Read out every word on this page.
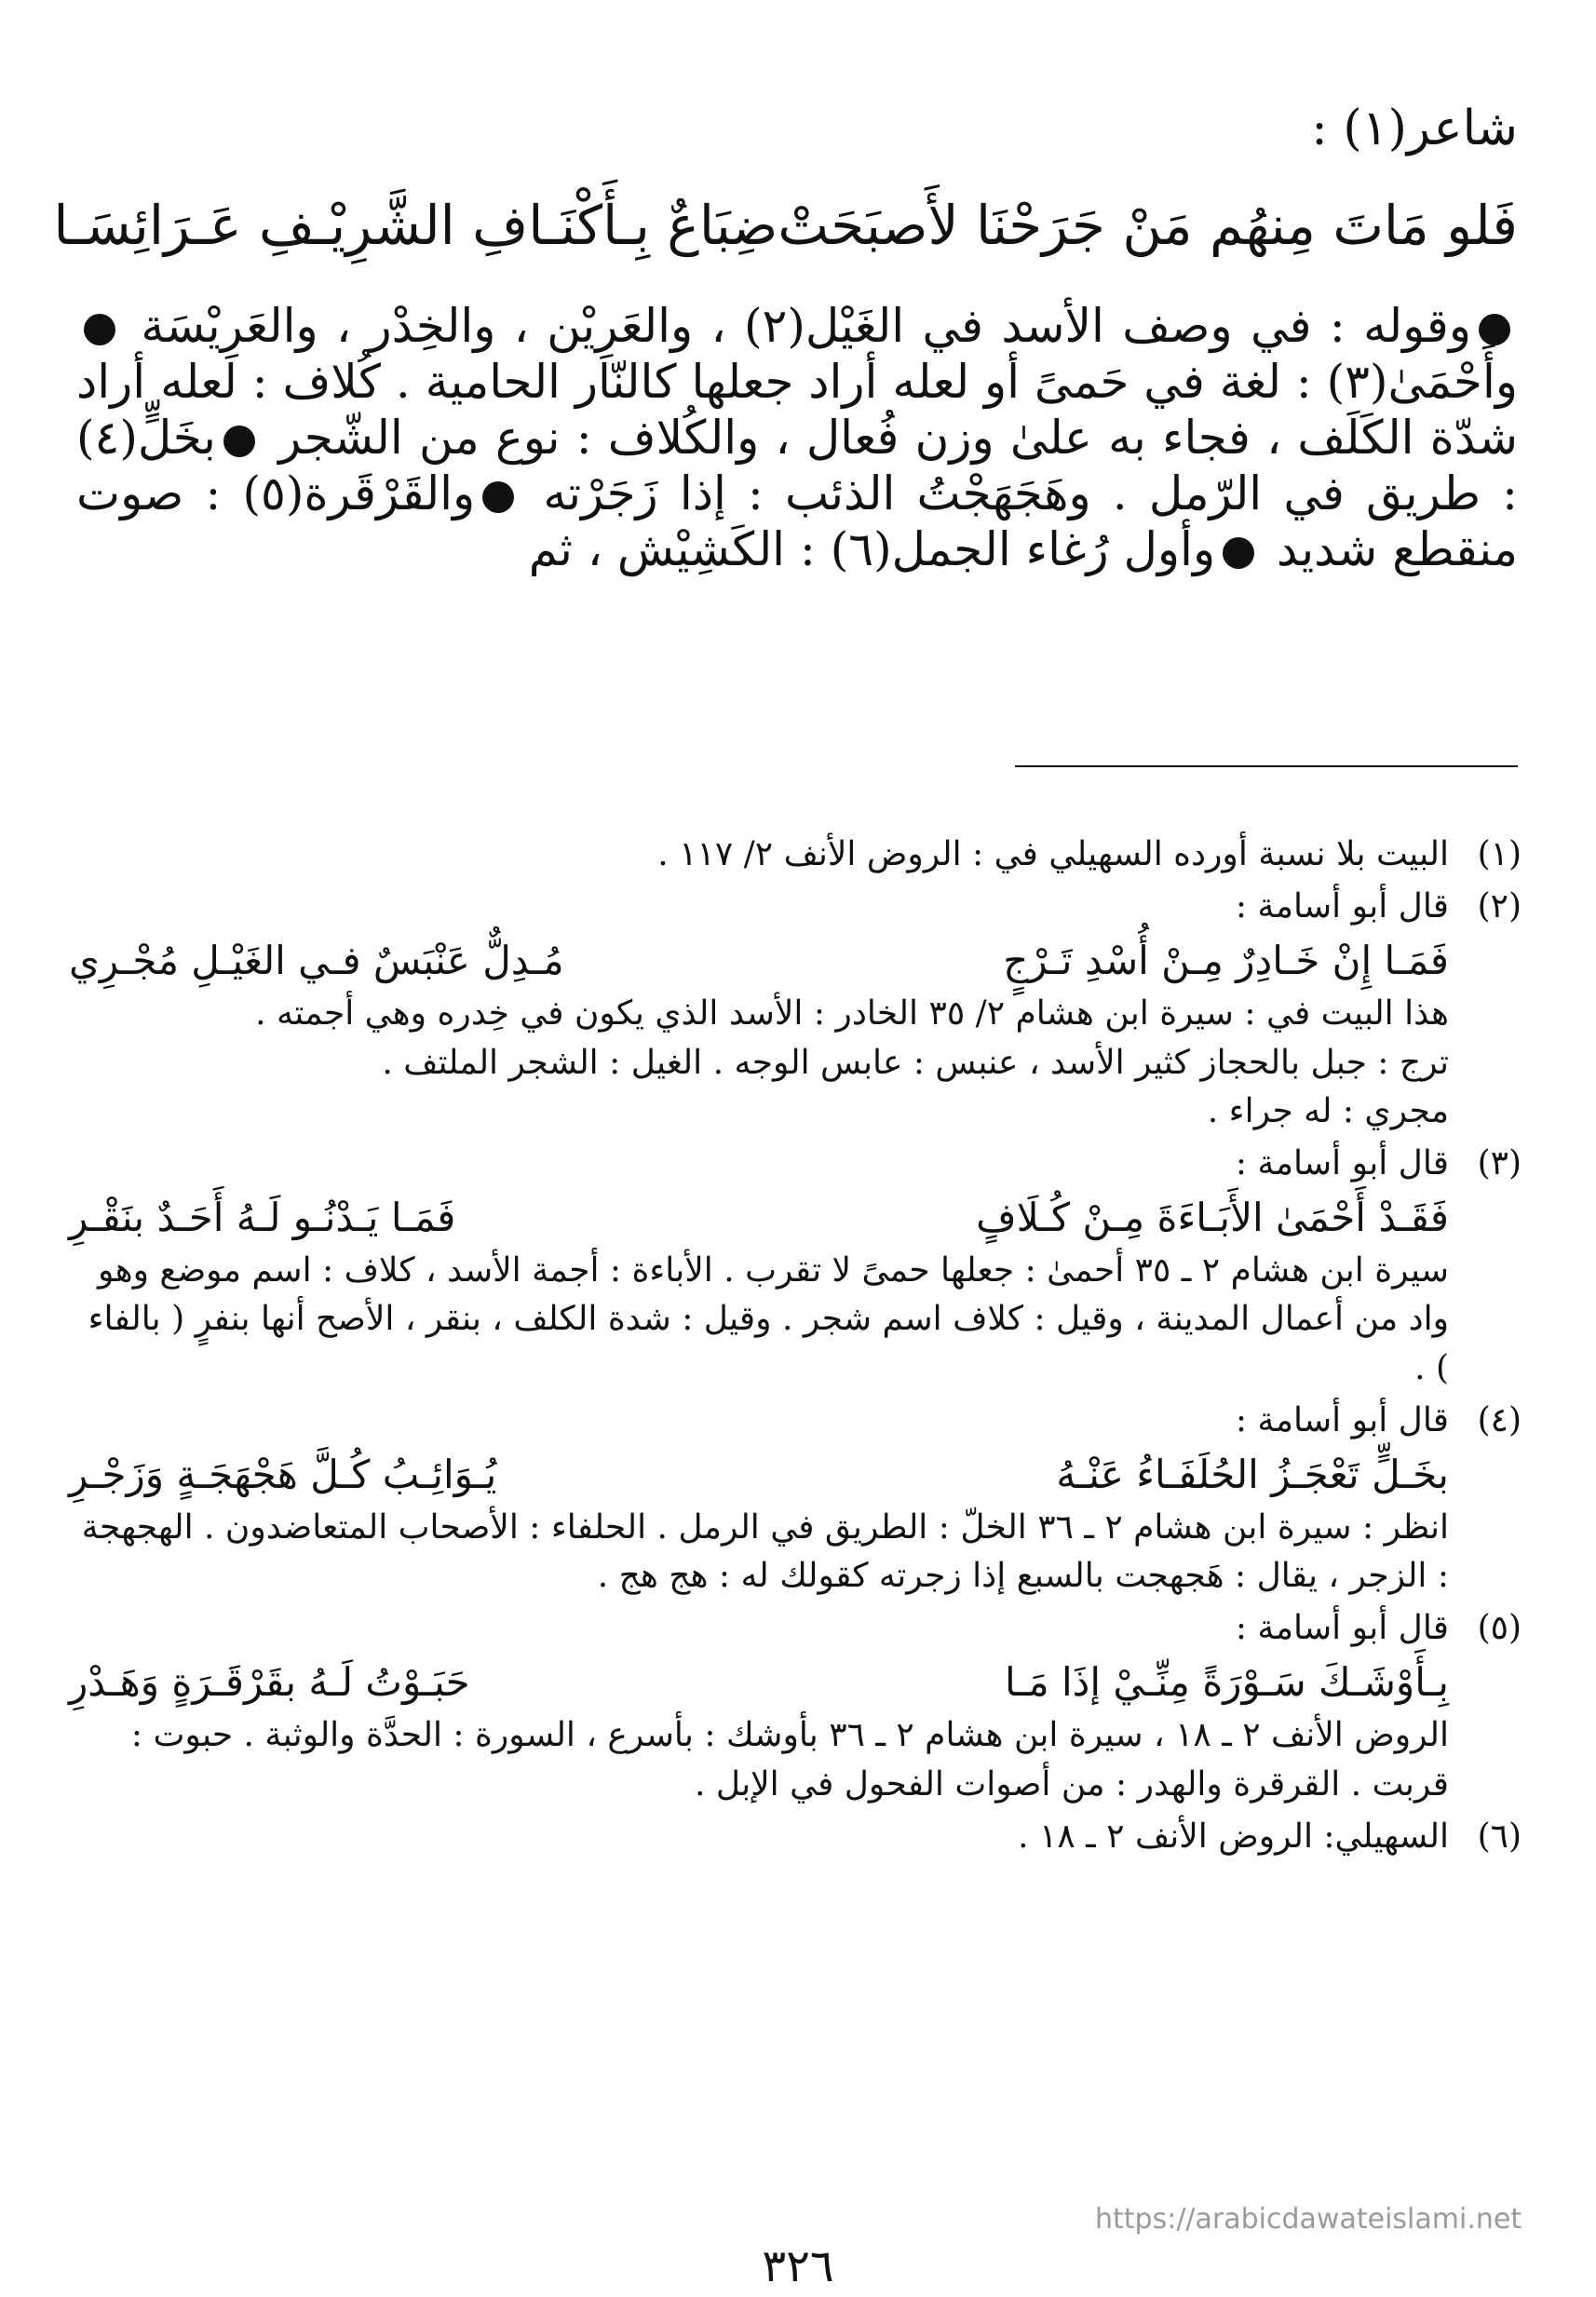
شاعر(١) :
فَلو مَاتَ مِنهُم مَنْ جَرَحْنَا لأَصبَحَتْ
ضِبَاعٌ بِـأَكْنَـافِ الشَّرِيْـفِ عَـرَائِسَـا
وقوله : في وصف الأسد في الغَيْل(٢) ، والعَرِيْن ، والخِدْر ، والعَرِيْسَة وأَحْمَىٰ(٣) : لغة في حَمىً أو لعله أراد جعلها كالنّار الحامية . كُلاف : لعله أراد شدّة الكَلَف ، فجاء به علىٰ وزن فُعال ، والكُلاف : نوع من الشّجر بخَلٍّ(٤) : طريق في الرّمل . وهَجَهَجْتُ الذئب : إذا زَجَرْته والقَرْقَرة(٥) : صوت منقطع شديد وأول رُغاء الجمل(٦) : الكَشِيْش ، ثم
(١)
البيت بلا نسبة أورده السهيلي في : الروض الأنف ٢/ ١١٧ .
(٢)
قال أبو أسامة :
فَمَـا إِنْ خَـادِرٌ مِـنْ أُسْدِ تَـرْجٍ
مُـدِلٌّ عَنْبَسٌ فـي الغَيْـلِ مُجْـرِي
هذا البيت في : سيرة ابن هشام ٢/ ٣٥ الخادر : الأسد الذي يكون في خِدره وهي أجمته .
ترج : جبل بالحجاز كثير الأسد ، عنبس : عابس الوجه . الغيل : الشجر الملتف .
مجري : له جراء .
(٣)
قال أبو أسامة :
فَقَـدْ أَحْمَىٰ الأَبَـاءَةَ مِـنْ كُـلَافٍ
فَمَـا يَـدْنُـو لَـهُ أَحَـدٌ بنَقْـرِ
سيرة ابن هشام ٢ ـ ٣٥ أحمىٰ : جعلها حمىً لا تقرب . الأباءة : أجمة الأسد ، كلاف : اسم موضع وهو واد من أعمال المدينة ، وقيل : كلاف اسم شجر . وقيل : شدة الكلف ، بنقر ، الأصح أنها بنفرٍ ( بالفاء ) .
(٤)
قال أبو أسامة :
بخَـلٍّ تَعْجَـزُ الحُلَفَـاءُ عَنْـهُ
يُـوَائِـبُ كُـلَّ هَجْهَجَـةٍ وَزَجْـرِ
انظر : سيرة ابن هشام ٢ ـ ٣٦ الخلّ : الطريق في الرمل . الحلفاء : الأصحاب المتعاضدون . الهجهجة : الزجر ، يقال : هَجهجت بالسبع إذا زجرته كقولك له : هج هج .
(٥)
قال أبو أسامة :
بِـأَوْشَـكَ سَـوْرَةً مِنِّـيْ إذَا مَـا
حَبَـوْتُ لَـهُ بقَرْقَـرَةٍ وَهَـدْرِ
الروض الأنف ٢ ـ ١٨ ، سيرة ابن هشام ٢ ـ ٣٦ بأوشك : بأسرع ، السورة : الحدَّة والوثبة . حبوت : قربت . القرقرة والهدر : من أصوات الفحول في الإبل .
(٦)
السهيلي: الروض الأنف ٢ ـ ١٨ .
https://arabicdawateislami.net
٣٢٦
